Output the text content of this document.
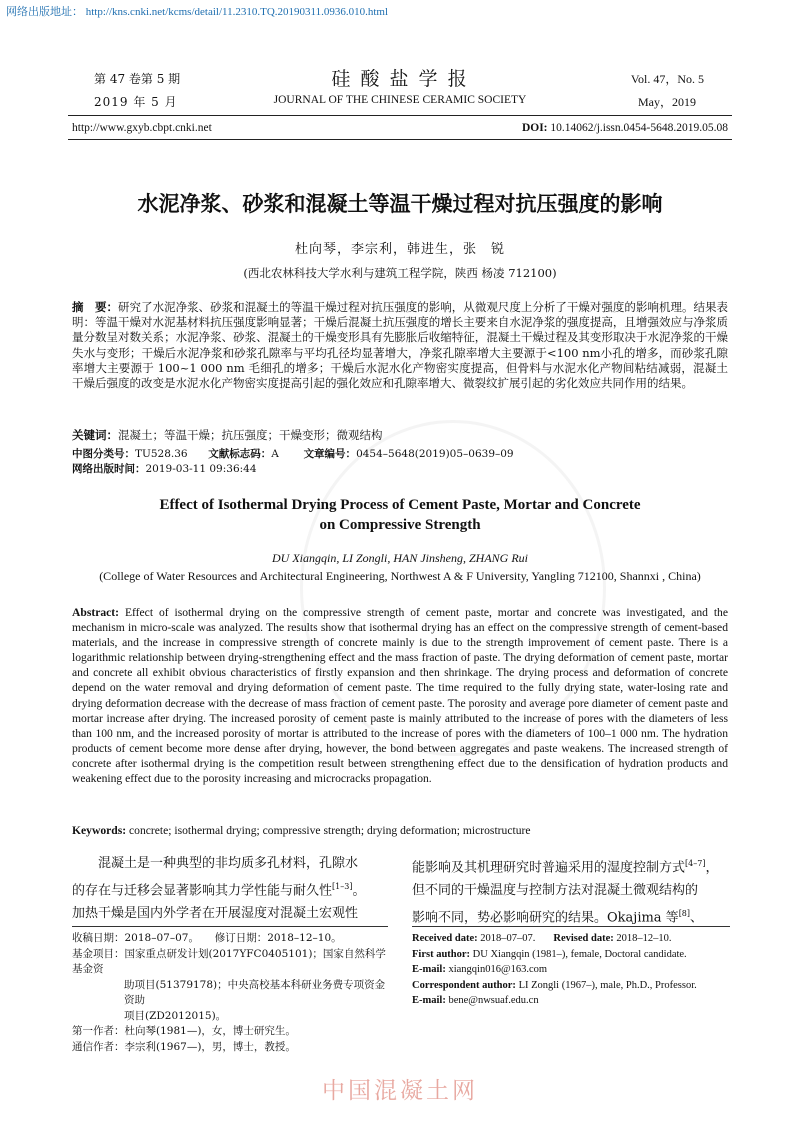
网络出版地址： http://kns.cnki.net/kcms/detail/11.2310.TQ.20190311.0936.010.html
第 47 卷第 5 期
2019 年 5 月
硅 酸 盐 学 报
JOURNAL OF THE CHINESE CERAMIC SOCIETY
Vol. 47，No. 5
May，2019
http://www.gxyb.cbpt.cnki.net	DOI: 10.14062/j.issn.0454-5648.2019.05.08
水泥净浆、砂浆和混凝土等温干燥过程对抗压强度的影响
杜向琴，李宗利，韩进生，张　锐
(西北农林科技大学水利与建筑工程学院，陕西 杨凌 712100)
摘　要：研究了水泥净浆、砂浆和混凝土的等温干燥过程对抗压强度的影响，从微观尺度上分析了干燥对强度的影响机理。结果表明：等温干燥对水泥基材料抗压强度影响显著；干燥后混凝土抗压强度的增长主要来自水泥净浆的强度提高，且增强效应与净浆质量分数呈对数关系；水泥净浆、砂浆、混凝土的干燥变形具有先膨胀后收缩特征，混凝土干燥过程及其变形取决于水泥净浆的干燥失水与变形；干燥后水泥净浆和砂浆孔隙率与平均孔径均显著增大，净浆孔隙率增大主要源于<100 nm小孔的增多，而砂浆孔隙率增大主要源于 100~1 000 nm 毛细孔的增多；干燥后水泥水化产物密实度提高，但骨料与水泥水化产物间粘结减弱，混凝土干燥后强度的改变是水泥水化产物密实度提高引起的强化效应和孔隙率增大、微裂纹扩展引起的劣化效应共同作用的结果。
关键词：混凝土；等温干燥；抗压强度；干燥变形；微观结构
中图分类号：TU528.36 文献标志码：A 文章编号：0454–5648(2019)05–0639–09
网络出版时间：2019-03-11 09:36:44
Effect of Isothermal Drying Process of Cement Paste, Mortar and Concrete
on Compressive Strength
DU Xiangqin, LI Zongli, HAN Jinsheng, ZHANG Rui
(College of Water Resources and Architectural Engineering, Northwest A & F University, Yangling 712100, Shannxi , China)
Abstract: Effect of isothermal drying on the compressive strength of cement paste, mortar and concrete was investigated, and the mechanism in micro-scale was analyzed. The results show that isothermal drying has an effect on the compressive strength of cement-based materials, and the increase in compressive strength of concrete mainly is due to the strength improvement of cement paste. There is a logarithmic relationship between drying-strengthening effect and the mass fraction of paste. The drying deformation of cement paste, mortar and concrete all exhibit obvious characteristics of firstly expansion and then shrinkage. The drying process and deformation of concrete depend on the water removal and drying deformation of cement paste. The time required to the fully drying state, water-losing rate and drying deformation decrease with the decrease of mass fraction of cement paste. The porosity and average pore diameter of cement paste and mortar increase after drying. The increased porosity of cement paste is mainly attributed to the increase of pores with the diameters of less than 100 nm, and the increased porosity of mortar is attributed to the increase of pores with the diameters of 100–1 000 nm. The hydration products of cement become more dense after drying, however, the bond between aggregates and paste weakens. The increased strength of concrete after isothermal drying is the competition result between strengthening effect due to the densification of hydration products and weakening effect due to the porosity increasing and microcracks propagation.
Keywords: concrete; isothermal drying; compressive strength; drying deformation; microstructure
混凝土是一种典型的非均质多孔材料，孔隙水
的存在与迁移会显著影响其力学性能与耐久性[1–3]。
加热干燥是国内外学者在开展湿度对混凝土宏观性
能影响及其机理研究时普遍采用的湿度控制方式[4–7]，
但不同的干燥温度与控制方法对混凝土微观结构的
影响不同，势必影响研究的结果。Okajima 等[8]、
收稿日期：2018–07–07。　　修订日期：2018–12–10。
基金项目：国家重点研发计划(2017YFC0405101)；国家自然科学基金资
助项目(51379178)；中央高校基本科研业务费专项资金资助
项目(ZD2012015)。
第一作者：杜向琴(1981—)，女，博士研究生。
通信作者：李宗利(1967—)，男，博士，教授。
Received date: 2018–07–07. Revised date: 2018–12–10.
First author: DU Xiangqin (1981–), female, Doctoral candidate.
E-mail: xiangqin016@163.com
Correspondent author: LI Zongli (1967–), male, Ph.D., Professor.
E-mail: bene@nwsuaf.edu.cn
中国混凝土网
